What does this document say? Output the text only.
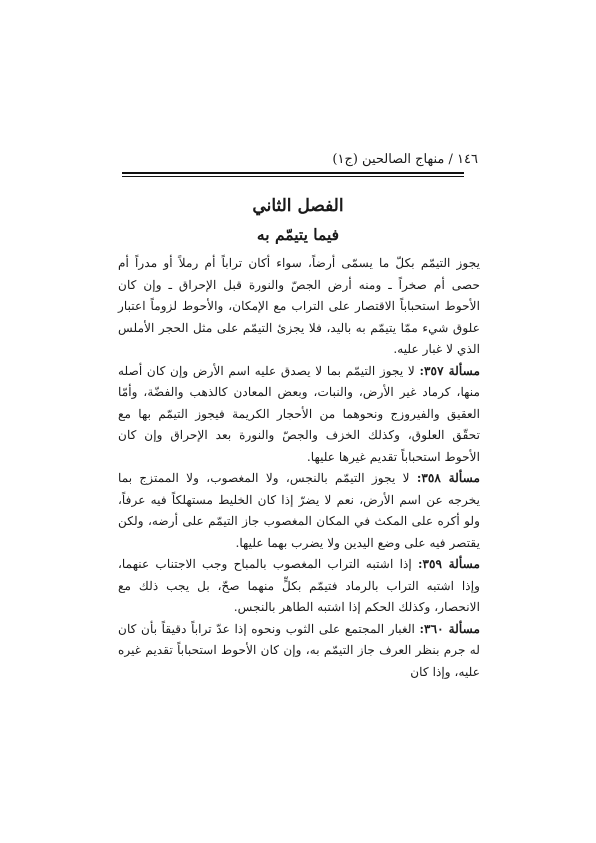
١٤٦ / منهاج الصالحين (ج١)
الفصل الثاني
فيما يتيمّم به

يجوز التيمّم بكلّ ما يسمّى أرضاً، سواء أكان تراباً أم رملاً أو مدراً أم حصى أم صخراً ـ ومنه أرض الجصّ والنورة قبل الإحراق ـ وإن كان الأحوط استحباباً الاقتصار على التراب مع الإمكان، والأحوط لزوماً اعتبار علوق شيء ممّا يتيمّم به باليد، فلا يجزئ التيمّم على مثل الحجر الأملس الذي لا غبار عليه.

مسألة ٣٥٧: لا يجوز التيمّم بما لا يصدق عليه اسم الأرض وإن كان أصله منها، كرماد غير الأرض، والنبات، وبعض المعادن كالذهب والفضّة، وأمّا العقيق والفيروزج ونحوهما من الأحجار الكريمة فيجوز التيمّم بها مع تحقّق العلوق، وكذلك الخزف والجصّ والنورة بعد الإحراق وإن كان الأحوط استحباباً تقديم غيرها عليها.

مسألة ٣٥٨: لا يجوز التيمّم بالنجس، ولا المغصوب، ولا الممتزج بما يخرجه عن اسم الأرض، نعم لا يضرّ إذا كان الخليط مستهلكاً فيه عرفاً، ولو أكره على المكث في المكان المغصوب جاز التيمّم على أرضه، ولكن يقتصر فيه على وضع اليدين ولا يضرب بهما عليها.

مسألة ٣٥٩: إذا اشتبه التراب المغصوب بالمباح وجب الاجتناب عنهما، وإذا اشتبه التراب بالرماد فتيمّم بكلٍّ منهما صحّ، بل يجب ذلك مع الانحصار، وكذلك الحكم إذا اشتبه الطاهر بالنجس.

مسألة ٣٦٠: الغبار المجتمع على الثوب ونحوه إذا عدّ تراباً دقيقاً بأن كان له جرم بنظر العرف جاز التيمّم به، وإن كان الأحوط استحباباً تقديم غيره عليه، وإذا كان
